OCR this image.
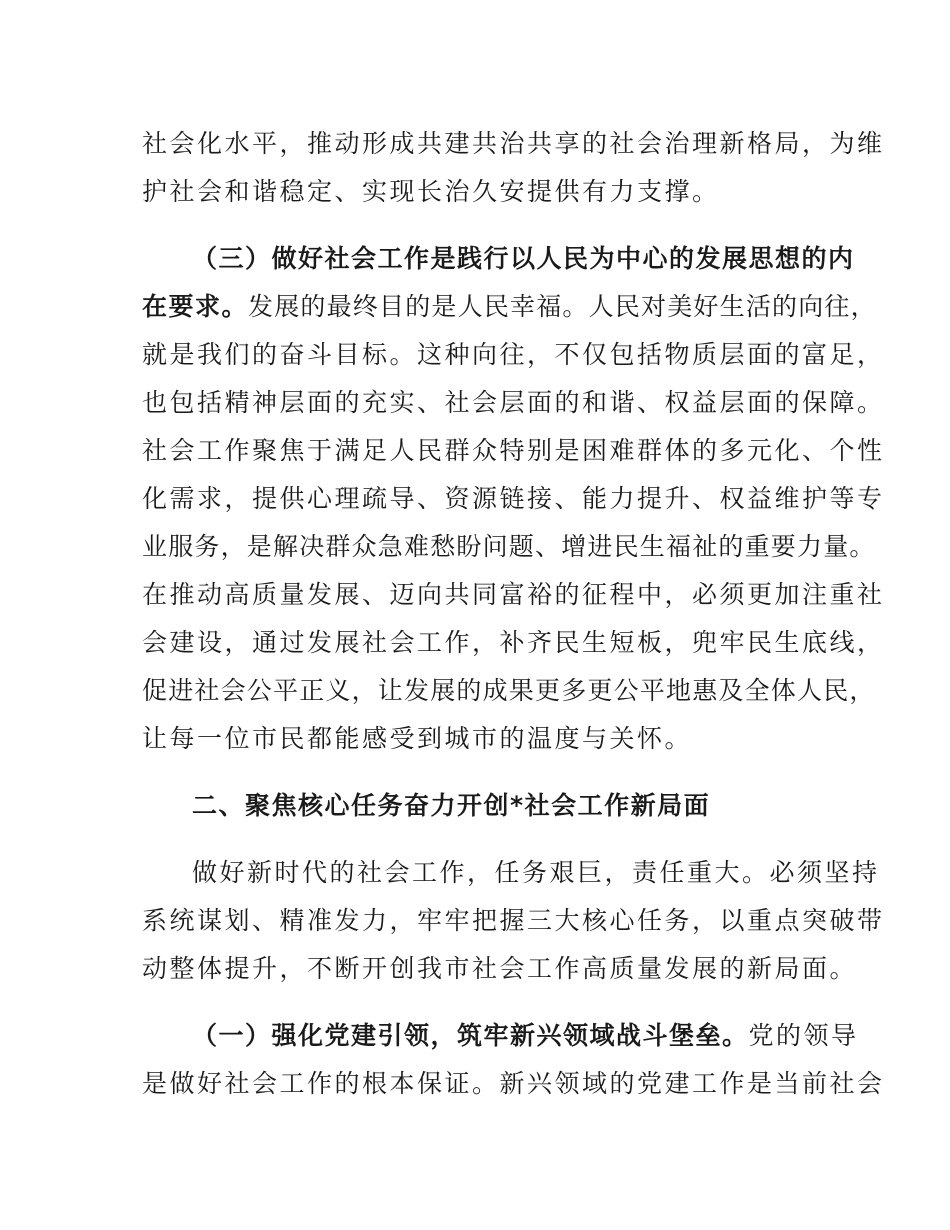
社会化水平，推动形成共建共治共享的社会治理新格局，为维
护社会和谐稳定、实现长治久安提供有力支撑。
（三）做好社会工作是践行以人民为中心的发展思想的内
在要求。发展的最终目的是人民幸福。人民对美好生活的向往，
就是我们的奋斗目标。这种向往，不仅包括物质层面的富足，
也包括精神层面的充实、社会层面的和谐、权益层面的保障。
社会工作聚焦于满足人民群众特别是困难群体的多元化、个性
化需求，提供心理疏导、资源链接、能力提升、权益维护等专
业服务，是解决群众急难愁盼问题、增进民生福祉的重要力量。
在推动高质量发展、迈向共同富裕的征程中，必须更加注重社
会建设，通过发展社会工作，补齐民生短板，兜牢民生底线，
促进社会公平正义，让发展的成果更多更公平地惠及全体人民，
让每一位市民都能感受到城市的温度与关怀。
二、聚焦核心任务奋力开创*社会工作新局面
做好新时代的社会工作，任务艰巨，责任重大。必须坚持
系统谋划、精准发力，牢牢把握三大核心任务，以重点突破带
动整体提升，不断开创我市社会工作高质量发展的新局面。
（一）强化党建引领，筑牢新兴领域战斗堡垒。党的领导
是做好社会工作的根本保证。新兴领域的党建工作是当前社会
